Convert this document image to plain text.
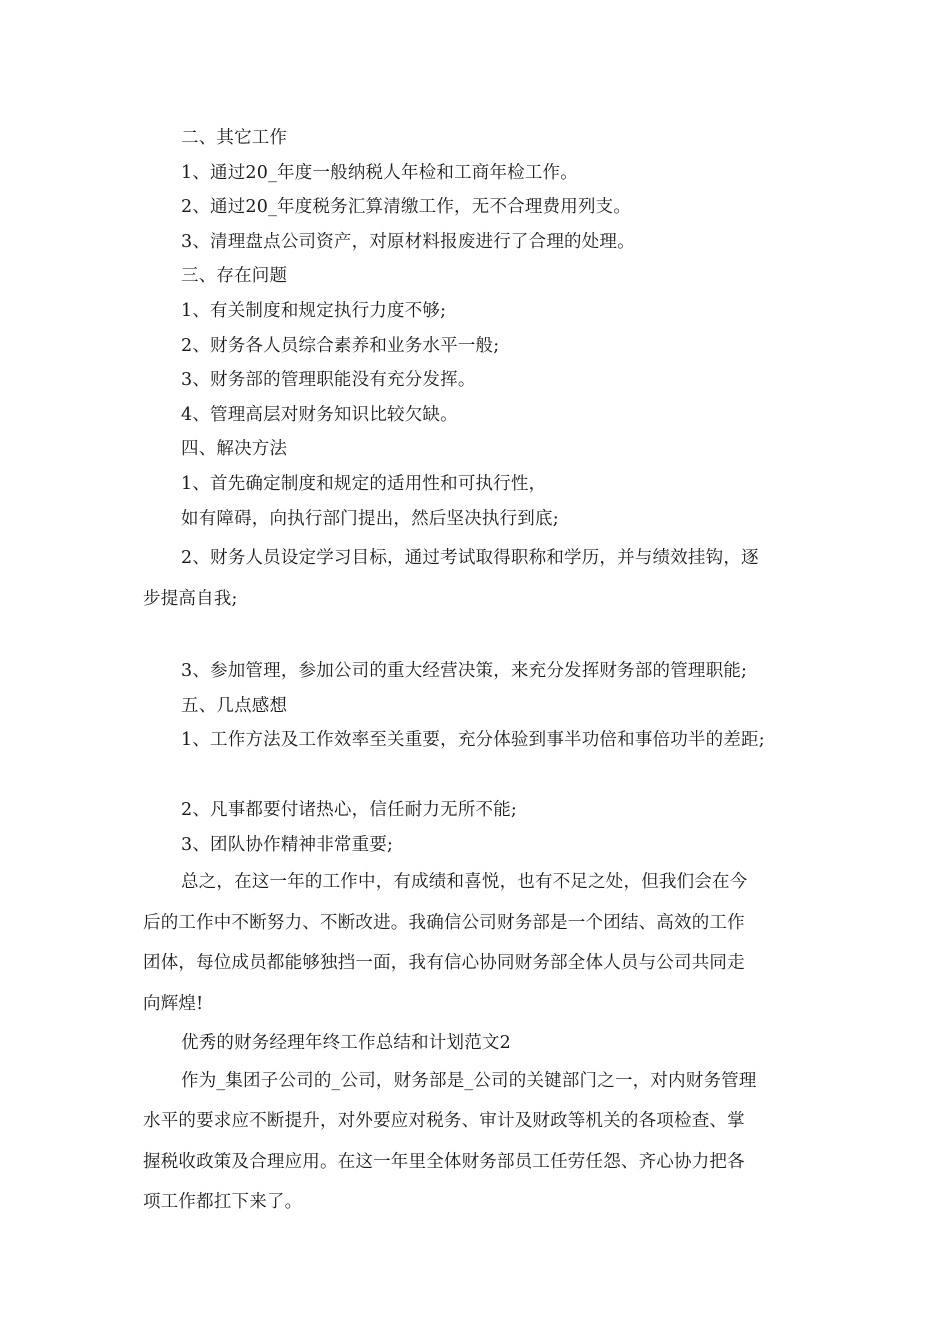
二、其它工作
1、通过20_年度一般纳税人年检和工商年检工作。
2、通过20_年度税务汇算清缴工作，无不合理费用列支。
3、清理盘点公司资产，对原材料报废进行了合理的处理。
三、存在问题
1、有关制度和规定执行力度不够;
2、财务各人员综合素养和业务水平一般;
3、财务部的管理职能没有充分发挥。
4、管理高层对财务知识比较欠缺。
四、解决方法
1、首先确定制度和规定的适用性和可执行性，
如有障碍，向执行部门提出，然后坚决执行到底;
2、财务人员设定学习目标，通过考试取得职称和学历，并与绩效挂钩，逐
步提高自我;
3、参加管理，参加公司的重大经营决策，来充分发挥财务部的管理职能;
五、几点感想
1、工作方法及工作效率至关重要，充分体验到事半功倍和事倍功半的差距;
2、凡事都要付诸热心，信任耐力无所不能;
3、团队协作精神非常重要;
总之，在这一年的工作中，有成绩和喜悦，也有不足之处，但我们会在今
后的工作中不断努力、不断改进。我确信公司财务部是一个团结、高效的工作
团体，每位成员都能够独挡一面，我有信心协同财务部全体人员与公司共同走
向辉煌!
优秀的财务经理年终工作总结和计划范文2
作为_集团子公司的_公司，财务部是_公司的关键部门之一，对内财务管理
水平的要求应不断提升，对外要应对税务、审计及财政等机关的各项检查、掌
握税收政策及合理应用。在这一年里全体财务部员工任劳任怨、齐心协力把各
项工作都扛下来了。
